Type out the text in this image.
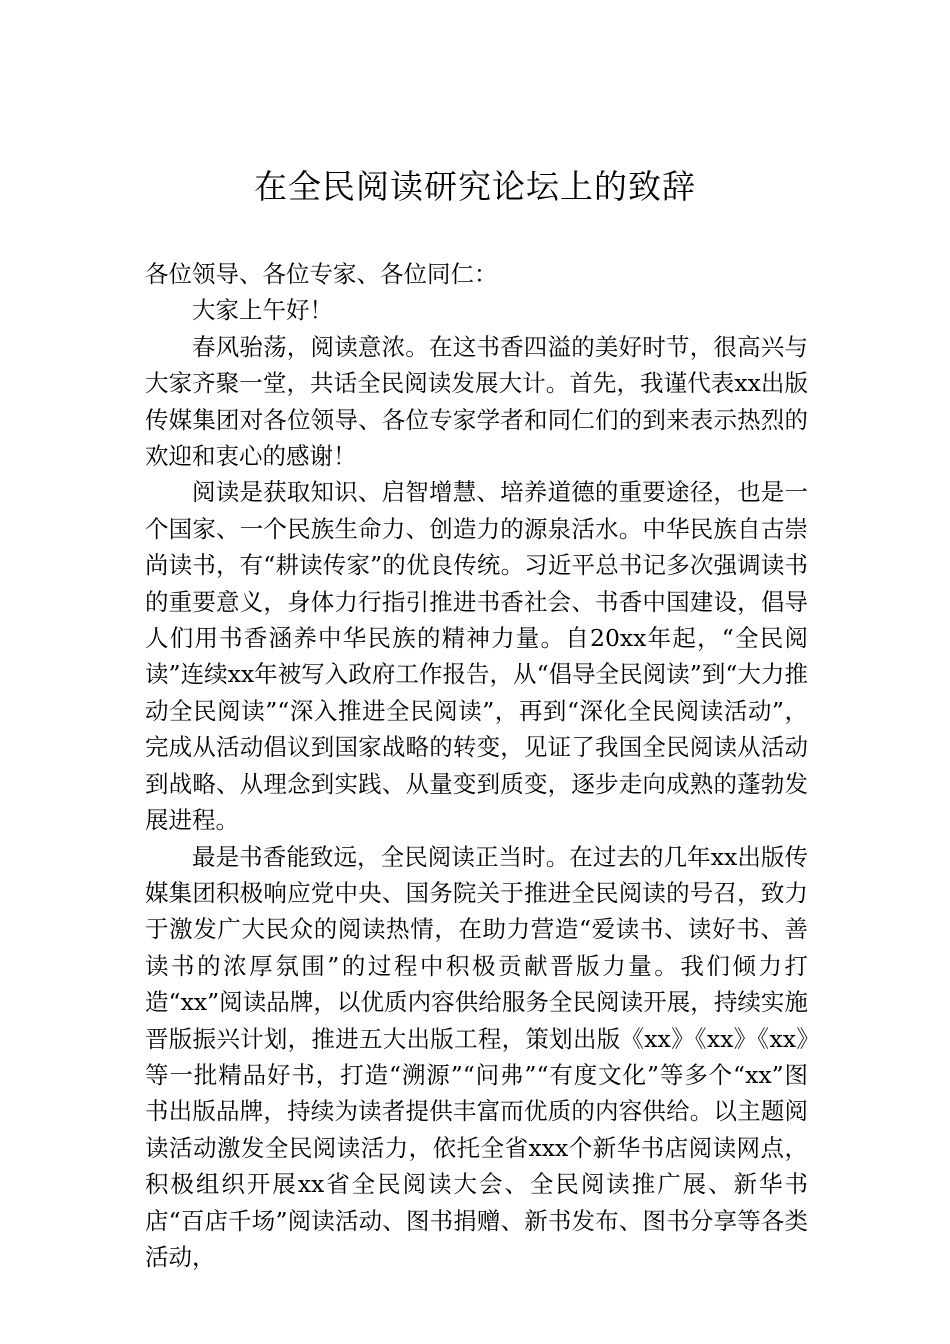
在全民阅读研究论坛上的致辞

各位领导、各位专家、各位同仁：

大家上午好！

春风骀荡，阅读意浓。在这书香四溢的美好时节，很高兴与大家齐聚一堂，共话全民阅读发展大计。首先，我谨代表xx出版传媒集团对各位领导、各位专家学者和同仁们的到来表示热烈的欢迎和衷心的感谢！

阅读是获取知识、启智增慧、培养道德的重要途径，也是一个国家、一个民族生命力、创造力的源泉活水。中华民族自古崇尚读书，有“耕读传家”的优良传统。习近平总书记多次强调读书的重要意义，身体力行指引推进书香社会、书香中国建设，倡导人们用书香涵养中华民族的精神力量。自20xx年起，“全民阅读”连续xx年被写入政府工作报告，从“倡导全民阅读”到“大力推动全民阅读”“深入推进全民阅读”，再到“深化全民阅读活动”，完成从活动倡议到国家战略的转变，见证了我国全民阅读从活动到战略、从理念到实践、从量变到质变，逐步走向成熟的蓬勃发展进程。

最是书香能致远，全民阅读正当时。在过去的几年xx出版传媒集团积极响应党中央、国务院关于推进全民阅读的号召，致力于激发广大民众的阅读热情，在助力营造“爱读书、读好书、善读书的浓厚氛围”的过程中积极贡献晋版力量。我们倾力打造“xx”阅读品牌，以优质内容供给服务全民阅读开展，持续实施晋版振兴计划，推进五大出版工程，策划出版《xx》《xx》《xx》等一批精品好书，打造“溯源”“问弗”“有度文化”等多个“xx”图书出版品牌，持续为读者提供丰富而优质的内容供给。以主题阅读活动激发全民阅读活力，依托全省xxx个新华书店阅读网点，积极组织开展xx省全民阅读大会、全民阅读推广展、新华书店“百店千场”阅读活动、图书捐赠、新书发布、图书分享等各类活动，
